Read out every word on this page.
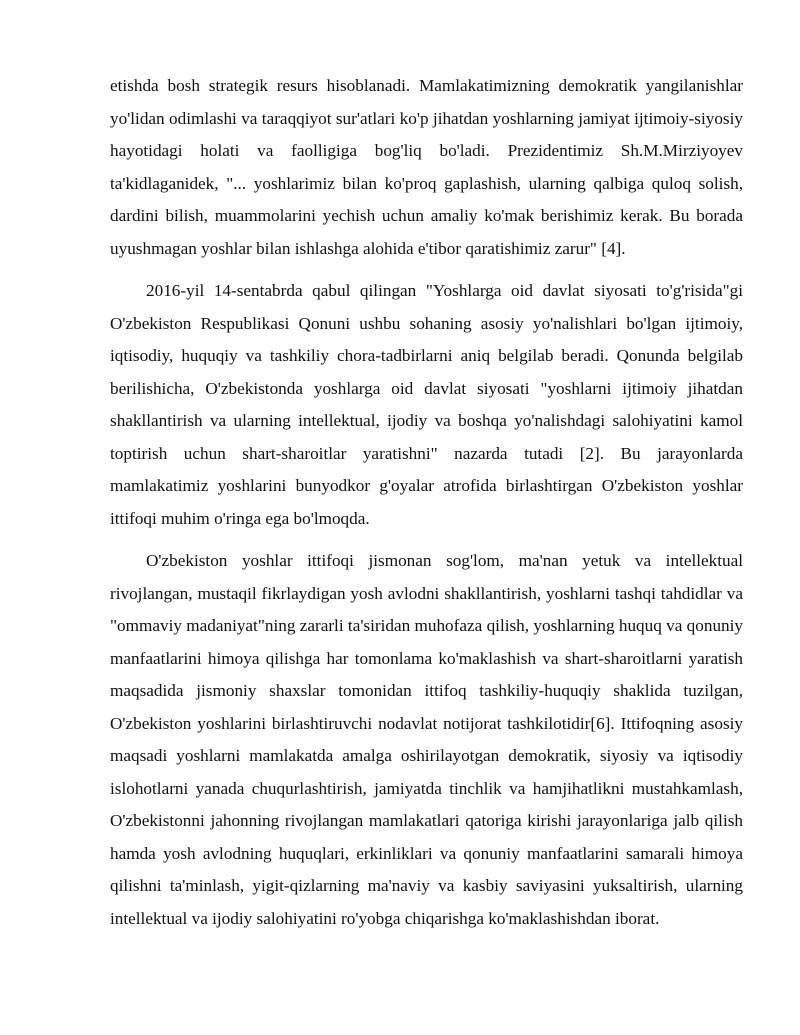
etishda bosh strategik resurs hisoblanadi. Mamlakatimizning demokratik yangilanishlar yo'lidan odimlashi va taraqqiyot sur'atlari ko'p jihatdan yoshlarning jamiyat ijtimoiy-siyosiy hayotidagi holati va faolligiga bog'liq bo'ladi. Prezidentimiz Sh.M.Mirziyoyev ta'kidlaganidek, "... yoshlarimiz bilan ko'proq gaplashish, ularning qalbiga quloq solish, dardini bilish, muammolarini yechish uchun amaliy ko'mak berishimiz kerak. Bu borada uyushmagan yoshlar bilan ishlashga alohida e'tibor qaratishimiz zarur" [4].

2016-yil 14-sentabrda qabul qilingan "Yoshlarga oid davlat siyosati to'g'risida"gi O'zbekiston Respublikasi Qonuni ushbu sohaning asosiy yo'nalishlari bo'lgan ijtimoiy, iqtisodiy, huquqiy va tashkiliy chora-tadbirlarni aniq belgilab beradi. Qonunda belgilab berilishicha, O'zbekistonda yoshlarga oid davlat siyosati "yoshlarni ijtimoiy jihatdan shakllantirish va ularning intellektual, ijodiy va boshqa yo'nalishdagi salohiyatini kamol toptirish uchun shart-sharoitlar yaratishni" nazarda tutadi [2]. Bu jarayonlarda mamlakatimiz yoshlarini bunyodkor g'oyalar atrofida birlashtirgan O'zbekiston yoshlar ittifoqi muhim o'ringa ega bo'lmoqda.

O'zbekiston yoshlar ittifoqi jismonan sog'lom, ma'nan yetuk va intellektual rivojlangan, mustaqil fikrlaydigan yosh avlodni shakllantirish, yoshlarni tashqi tahdidlar va "ommaviy madaniyat"ning zararli ta'siridan muhofaza qilish, yoshlarning huquq va qonuniy manfaatlarini himoya qilishga har tomonlama ko'maklashish va shart-sharoitlarni yaratish maqsadida jismoniy shaxslar tomonidan ittifoq tashkiliy-huquqiy shaklida tuzilgan, O'zbekiston yoshlarini birlashtiruvchi nodavlat notijorat tashkilotidir[6]. Ittifoqning asosiy maqsadi yoshlarni mamlakatda amalga oshirilayotgan demokratik, siyosiy va iqtisodiy islohotlarni yanada chuqurlashtirish, jamiyatda tinchlik va hamjihatlikni mustahkamlash, O'zbekistonni jahonning rivojlangan mamlakatlari qatoriga kirishi jarayonlariga jalb qilish hamda yosh avlodning huquqlari, erkinliklari va qonuniy manfaatlarini samarali himoya qilishni ta'minlash, yigit-qizlarning ma'naviy va kasbiy saviyasini yuksaltirish, ularning intellektual va ijodiy salohiyatini ro'yobga chiqarishga ko'maklashishdan iborat.
